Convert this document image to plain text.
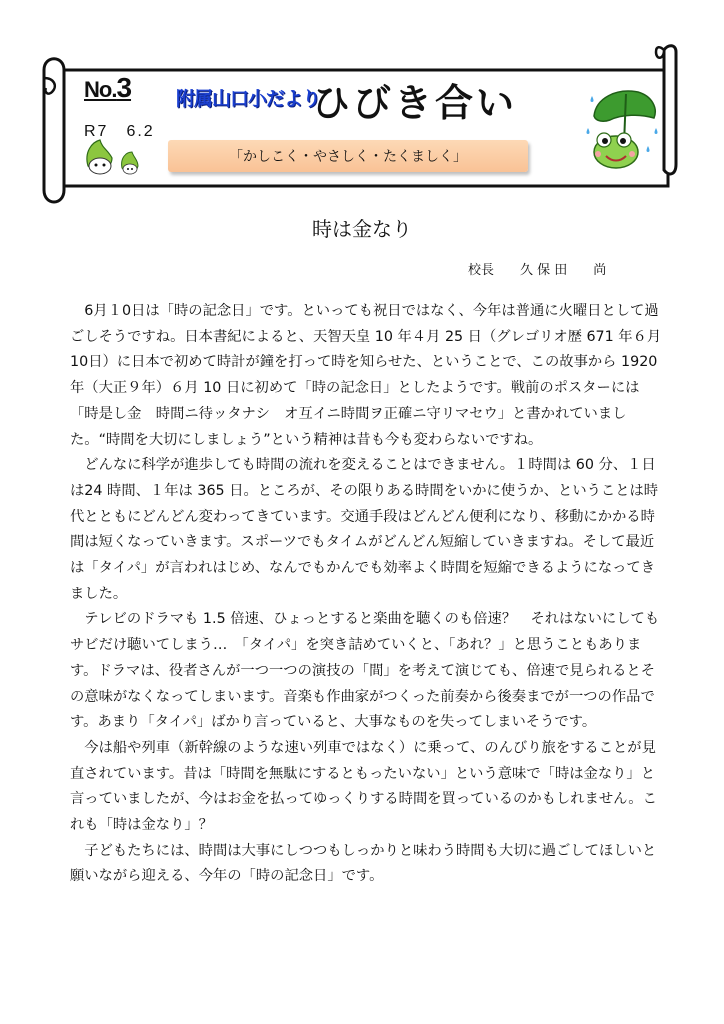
No.3
R7　6.2
附属山口小だより
ひびき合い
「かしこく・やさしく・たくましく」
時は金なり
校長　　久 保 田　　尚

6月１0日は「時の記念日」です。といっても祝日ではなく、今年は普通に火曜日として過ごしそうですね。日本書紀によると、天智天皇 10 年４月 25 日（グレゴリオ歴 671 年６月10日）に日本で初めて時計が鐘を打って時を知らせた、ということで、この故事から 1920年（大正９年）６月 10 日に初めて「時の記念日」としたようです。戦前のポスターには「時是し金　時間ニ待ッタナシ　オ互イニ時間ヲ正確ニ守リマセウ」と書かれていました。“時間を大切にしましょう”という精神は昔も今も変わらないですね。

どんなに科学が進歩しても時間の流れを変えることはできません。１時間は 60 分、１日は24 時間、１年は 365 日。ところが、その限りある時間をいかに使うか、ということは時代とともにどんどん変わってきています。交通手段はどんどん便利になり、移動にかかる時間は短くなっていきます。スポーツでもタイムがどんどん短縮していきますね。そして最近は「タイパ」が言われはじめ、なんでもかんでも効率よく時間を短縮できるようになってきました。

テレビのドラマも 1.5 倍速、ひょっとすると楽曲を聴くのも倍速？　それはないにしてもサビだけ聴いてしまう…　「タイパ」を突き詰めていくと、「あれ？」と思うこともあります。ドラマは、役者さんが一つ一つの演技の「間」を考えて演じても、倍速で見られるとその意味がなくなってしまいます。音楽も作曲家がつくった前奏から後奏までが一つの作品です。あまり「タイパ」ばかり言っていると、大事なものを失ってしまいそうです。

今は船や列車（新幹線のような速い列車ではなく）に乗って、のんびり旅をすることが見直されています。昔は「時間を無駄にするともったいない」という意味で「時は金なり」と言っていましたが、今はお金を払ってゆっくりする時間を買っているのかもしれません。これも「時は金なり」？

子どもたちには、時間は大事にしつつもしっかりと味わう時間も大切に過ごしてほしいと願いながら迎える、今年の「時の記念日」です。
